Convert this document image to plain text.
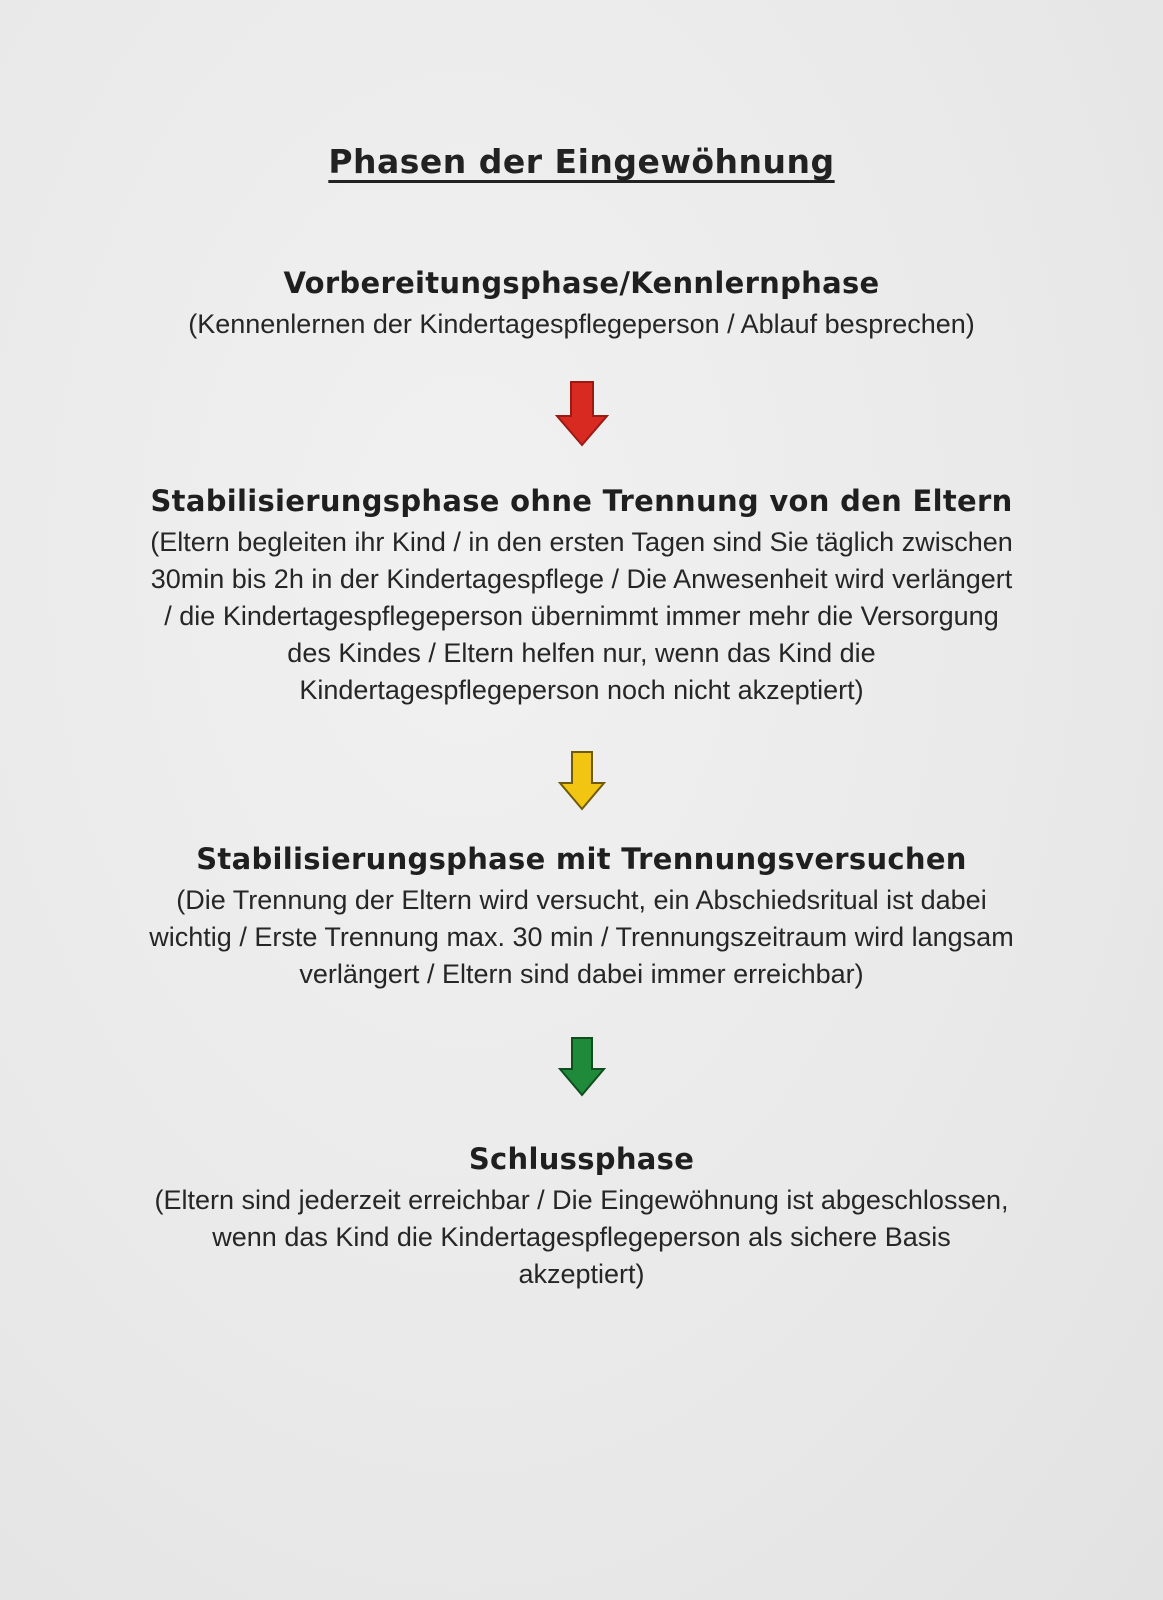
Phasen der Eingewöhnung

Vorbereitungsphase/Kennlernphase

(Kennenlernen der Kindertagespflegeperson / Ablauf besprechen)

Stabilisierungsphase ohne Trennung von den Eltern

(Eltern begleiten ihr Kind / in den ersten Tagen sind Sie täglich zwischen
30min bis 2h in der Kindertagespflege / Die Anwesenheit wird verlängert
/ die Kindertagespflegeperson übernimmt immer mehr die Versorgung
des Kindes / Eltern helfen nur, wenn das Kind die
Kindertagespflegeperson noch nicht akzeptiert)

Stabilisierungsphase mit Trennungsversuchen

(Die Trennung der Eltern wird versucht, ein Abschiedsritual ist dabei
wichtig / Erste Trennung max. 30 min / Trennungszeitraum wird langsam
verlängert / Eltern sind dabei immer erreichbar)

Schlussphase

(Eltern sind jederzeit erreichbar / Die Eingewöhnung ist abgeschlossen,
wenn das Kind die Kindertagespflegeperson als sichere Basis
akzeptiert)
